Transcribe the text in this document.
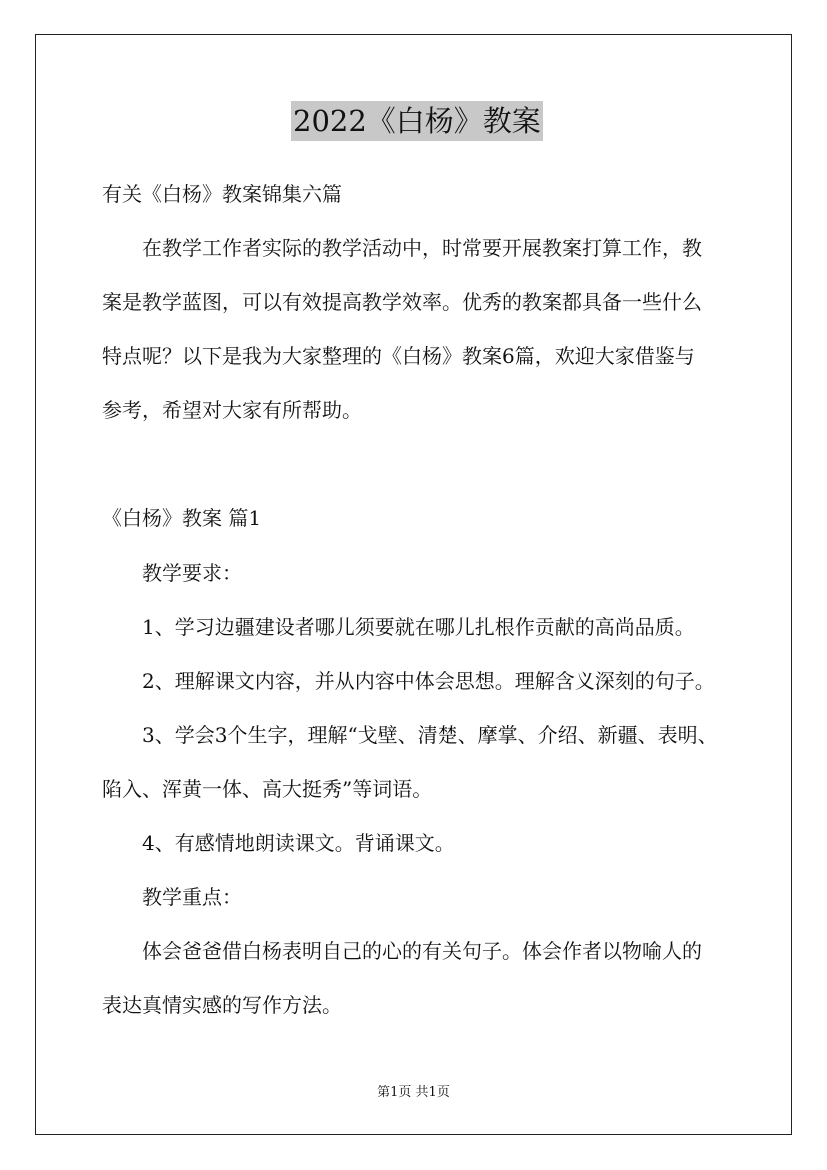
2022《白杨》教案
有关《白杨》教案锦集六篇
在教学工作者实际的教学活动中，时常要开展教案打算工作，教
案是教学蓝图，可以有效提高教学效率。优秀的教案都具备一些什么
特点呢？以下是我为大家整理的《白杨》教案6篇，欢迎大家借鉴与
参考，希望对大家有所帮助。
《白杨》教案 篇1
教学要求：
1、学习边疆建设者哪儿须要就在哪儿扎根作贡献的高尚品质。
2、理解课文内容，并从内容中体会思想。理解含义深刻的句子。
3、学会3个生字，理解“戈壁、清楚、摩掌、介绍、新疆、表明、
陷入、浑黄一体、高大挺秀”等词语。
4、有感情地朗读课文。背诵课文。
教学重点：
体会爸爸借白杨表明自己的心的有关句子。体会作者以物喻人的
表达真情实感的写作方法。
第1页 共1页
